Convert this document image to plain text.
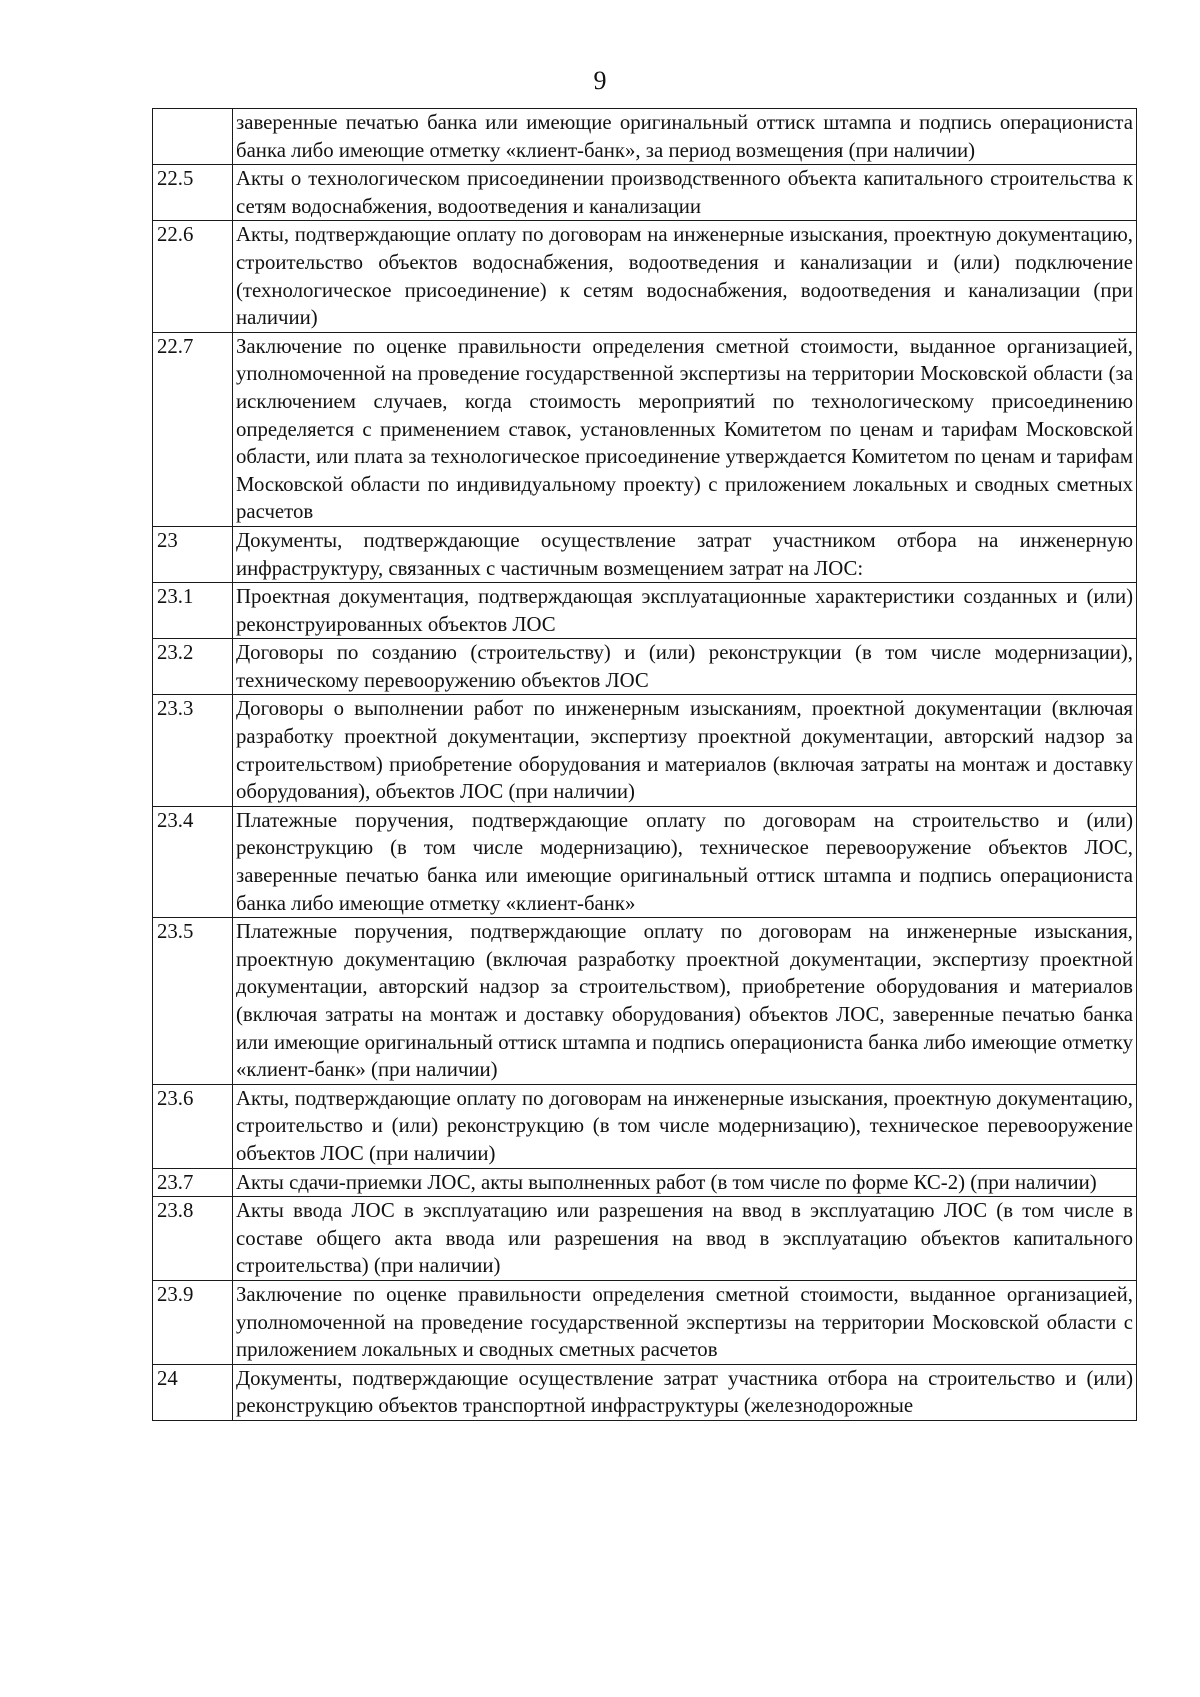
9
	заверенные печатью банка или имеющие оригинальный оттиск штампа и подпись операциониста банка либо имеющие отметку «клиент-банк», за период возмещения (при наличии)
22.5	Акты о технологическом присоединении производственного объекта капитального строительства к сетям водоснабжения, водоотведения и канализации
22.6	Акты, подтверждающие оплату по договорам на инженерные изыскания, проектную документацию, строительство объектов водоснабжения, водоотведения и канализации и (или) подключение (технологическое присоединение) к сетям водоснабжения, водоотведения и канализации (при наличии)
22.7	Заключение по оценке правильности определения сметной стоимости, выданное организацией, уполномоченной на проведение государственной экспертизы на территории Московской области (за исключением случаев, когда стоимость мероприятий по технологическому присоединению определяется с применением ставок, установленных Комитетом по ценам и тарифам Московской области, или плата за технологическое присоединение утверждается Комитетом по ценам и тарифам Московской области по индивидуальному проекту) с приложением локальных и сводных сметных расчетов
23	Документы, подтверждающие осуществление затрат участником отбора на инженерную инфраструктуру, связанных с частичным возмещением затрат на ЛОС:
23.1	Проектная документация, подтверждающая эксплуатационные характеристики созданных и (или) реконструированных объектов ЛОС
23.2	Договоры по созданию (строительству) и (или) реконструкции (в том числе модернизации), техническому перевооружению объектов ЛОС
23.3	Договоры о выполнении работ по инженерным изысканиям, проектной документации (включая разработку проектной документации, экспертизу проектной документации, авторский надзор за строительством) приобретение оборудования и материалов (включая затраты на монтаж и доставку оборудования), объектов ЛОС (при наличии)
23.4	Платежные поручения, подтверждающие оплату по договорам на строительство и (или) реконструкцию (в том числе модернизацию), техническое перевооружение объектов ЛОС, заверенные печатью банка или имеющие оригинальный оттиск штампа и подпись операциониста банка либо имеющие отметку «клиент-банк»
23.5	Платежные поручения, подтверждающие оплату по договорам на инженерные изыскания, проектную документацию (включая разработку проектной документации, экспертизу проектной документации, авторский надзор за строительством), приобретение оборудования и материалов (включая затраты на монтаж и доставку оборудования) объектов ЛОС, заверенные печатью банка или имеющие оригинальный оттиск штампа и подпись операциониста банка либо имеющие отметку «клиент-банк» (при наличии)
23.6	Акты, подтверждающие оплату по договорам на инженерные изыскания, проектную документацию, строительство и (или) реконструкцию (в том числе модернизацию), техническое перевооружение объектов ЛОС (при наличии)
23.7	Акты сдачи-приемки ЛОС, акты выполненных работ (в том числе по форме КС-2) (при наличии)
23.8	Акты ввода ЛОС в эксплуатацию или разрешения на ввод в эксплуатацию ЛОС (в том числе в составе общего акта ввода или разрешения на ввод в эксплуатацию объектов капитального строительства) (при наличии)
23.9	Заключение по оценке правильности определения сметной стоимости, выданное организацией, уполномоченной на проведение государственной экспертизы на территории Московской области с приложением локальных и сводных сметных расчетов
24	Документы, подтверждающие осуществление затрат участника отбора на строительство и (или) реконструкцию объектов транспортной инфраструктуры (железнодорожные
